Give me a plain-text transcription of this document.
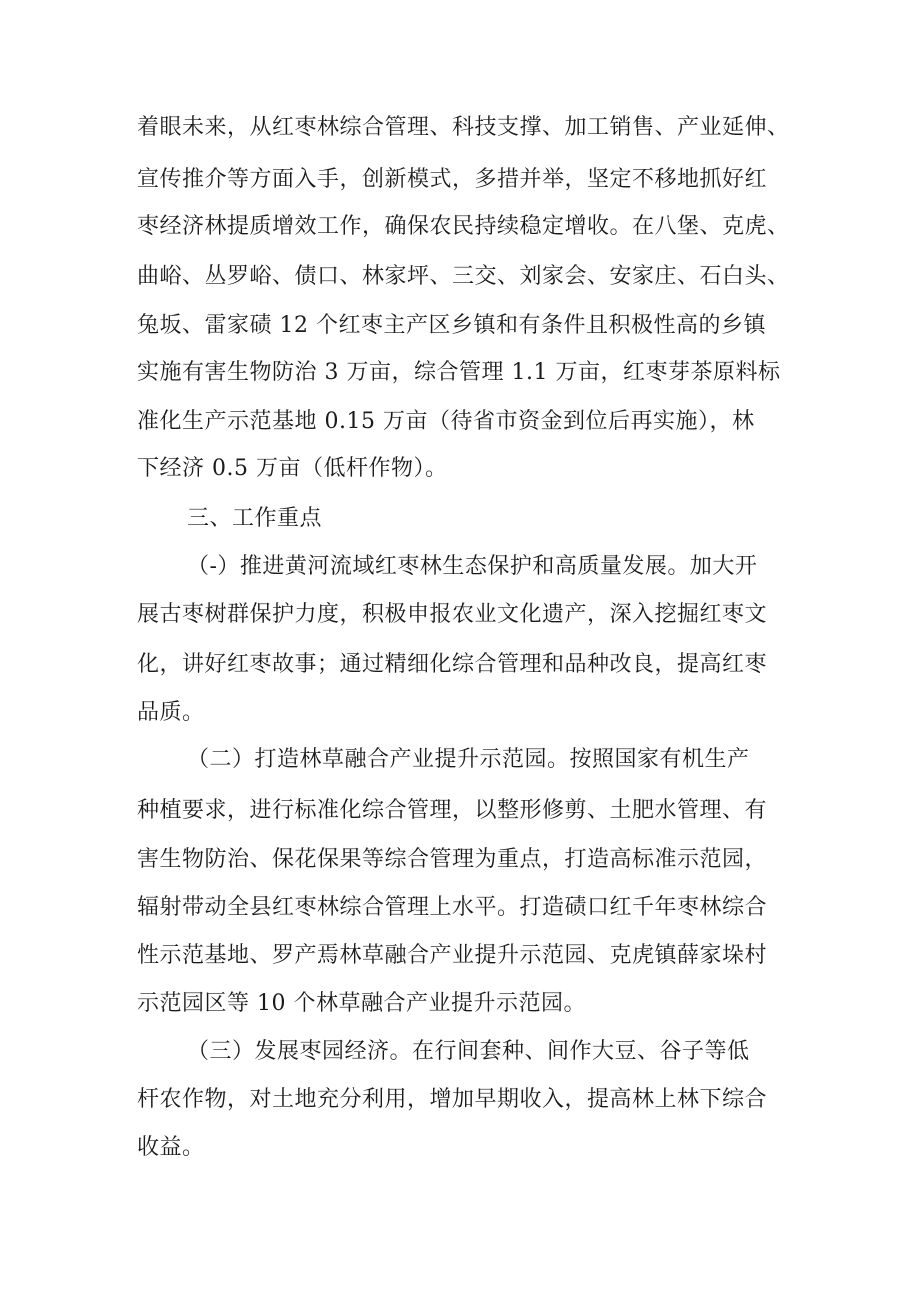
着眼未来，从红枣林综合管理、科技支撑、加工销售、产业延伸、

宣传推介等方面入手，创新模式，多措并举，坚定不移地抓好红

枣经济林提质增效工作，确保农民持续稳定增收。在八堡、克虎、

曲峪、丛罗峪、债口、林家坪、三交、刘家会、安家庄、石白头、

兔坂、雷家碛 12 个红枣主产区乡镇和有条件且积极性高的乡镇

实施有害生物防治 3 万亩，综合管理 1.1 万亩，红枣芽茶原料标

准化生产示范基地 0.15 万亩（待省市资金到位后再实施），林

下经济 0.5 万亩（低杆作物）。

三、工作重点

（-）推进黄河流域红枣林生态保护和高质量发展。加大开

展古枣树群保护力度，积极申报农业文化遗产，深入挖掘红枣文

化，讲好红枣故事；通过精细化综合管理和品种改良，提高红枣

品质。

（二）打造林草融合产业提升示范园。按照国家有机生产

种植要求，进行标准化综合管理，以整形修剪、土肥水管理、有

害生物防治、保花保果等综合管理为重点，打造高标准示范园，

辐射带动全县红枣林综合管理上水平。打造碛口红千年枣林综合

性示范基地、罗产焉林草融合产业提升示范园、克虎镇薛家垛村

示范园区等 10 个林草融合产业提升示范园。

（三）发展枣园经济。在行间套种、间作大豆、谷子等低

杆农作物，对土地充分利用，增加早期收入，提高林上林下综合

收益。
